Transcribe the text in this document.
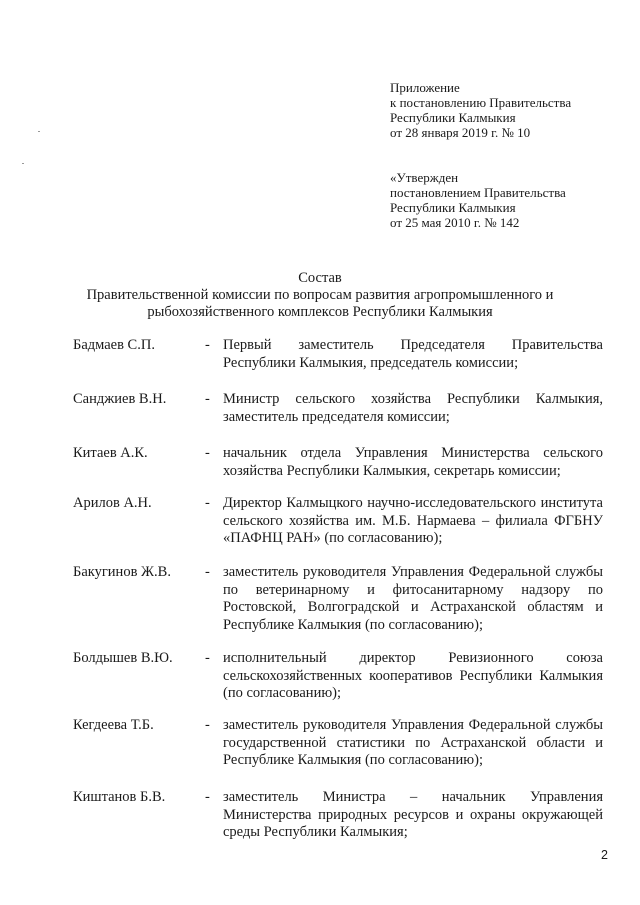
Приложение
к постановлению Правительства
Республики Калмыкия
от 28 января 2019 г. № 10
«Утвержден
постановлением Правительства
Республики Калмыкия
от 25 мая 2010 г. № 142
Состав
Правительственной комиссии по вопросам развития агропромышленного и
рыбохозяйственного комплексов Республики Калмыкия
Бадмаев С.П.	- Первый заместитель Председателя Правительства Республики Калмыкия, председатель комиссии;
Санджиев В.Н.	- Министр сельского хозяйства Республики Калмыкия, заместитель председателя комиссии;
Китаев А.К.	- начальник отдела Управления Министерства сельского хозяйства Республики Калмыкия, секретарь комиссии;
Арилов А.Н.	- Директор Калмыцкого научно-исследовательского института сельского хозяйства им. М.Б. Нармаева – филиала ФГБНУ «ПАФНЦ РАН» (по согласованию);
Бакугинов Ж.В. - заместитель руководителя Управления Федеральной службы по ветеринарному и фитосанитарному надзору по Ростовской, Волгоградской и Астраханской областям и Республике Калмыкия (по согласованию);
Болдышев В.Ю. - исполнительный директор Ревизионного союза сельскохозяйственных кооперативов Республики Калмыкия (по согласованию);
Кегдеева Т.Б.	- заместитель руководителя Управления Федеральной службы государственной статистики по Астраханской области и Республике Калмыкия (по согласованию);
Киштанов Б.В.	- заместитель Министра – начальник Управления Министерства природных ресурсов и охраны окружающей среды Республики Калмыкия;
2
